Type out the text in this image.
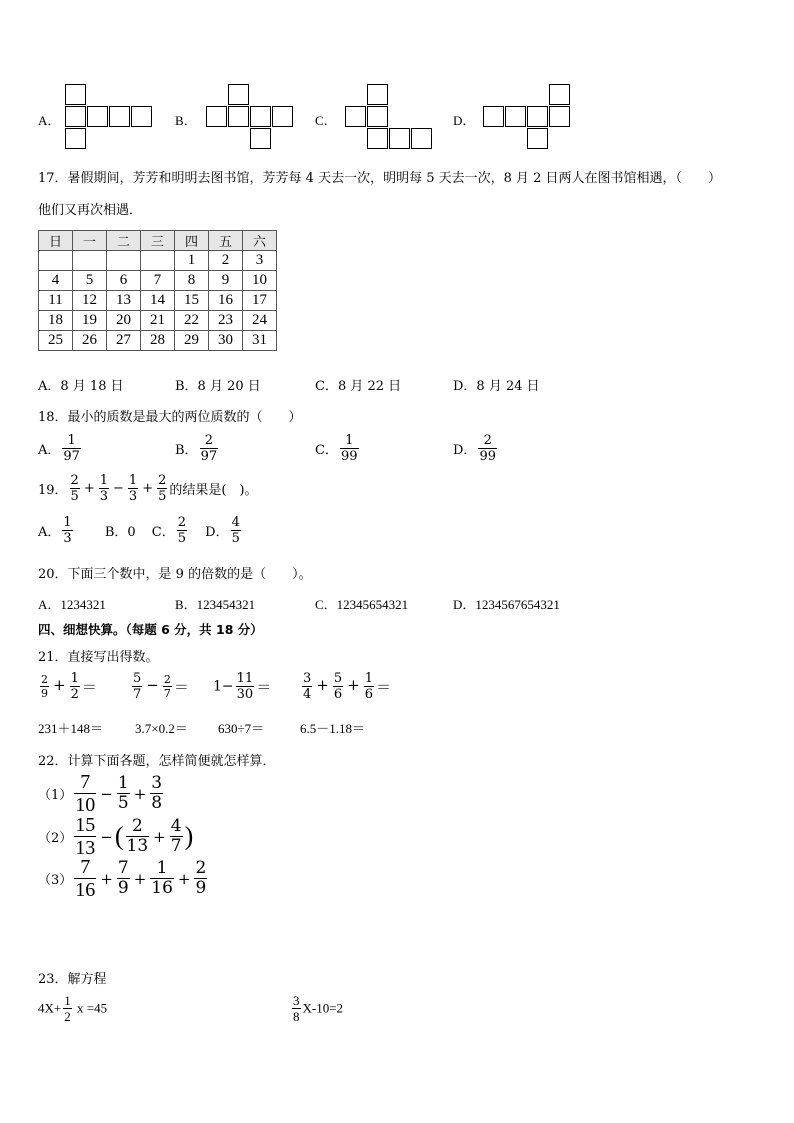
A．	B．	C．	D．
17．暑假期间，芳芳和明明去图书馆，芳芳每 4 天去一次，明明每 5 天去一次，8 月 2 日两人在图书馆相遇，（　　）
他们又再次相遇．
日	一	二	三	四	五	六
				1	2	3
4	5	6	7	8	9	10
11	12	13	14	15	16	17
18	19	20	21	22	23	24
25	26	27	28	29	30	31
A．8 月 18 日	B．8 月 20 日	C．8 月 22 日	D．8 月 24 日
18．最小的质数是最大的两位质数的（　　）
A． $\frac{1}{97}$	B． $\frac{2}{97}$	C． $\frac{1}{99}$	D． $\frac{2}{99}$
19． $\frac{2}{5} + \frac{1}{3} - \frac{1}{3} + \frac{2}{5}$ 的结果是(　)。
A． $\frac{1}{3}$ B．0 C． $\frac{2}{5}$ D． $\frac{4}{5}$
20．下面三个数中，是 9 的倍数的是（　　）。
A．1234321	B．123454321	C．12345654321	D．1234567654321
四、细想快算。（每题 6 分，共 18 分）
21．直接写出得数。
$\frac{2}{9} + \frac{1}{2}$ ＝	$\frac{5}{7} - \frac{2}{7} = 1- \frac{11}{30} = \frac{3}{4} + \frac{5}{6} + \frac{1}{6}$ ＝
231＋148＝ 3.7×0.2＝ 630÷7＝	6.5－1.18＝
22．计算下面各题，怎样简便就怎样算．
$(1) \frac{7}{10} - \frac{1}{5} + \frac{3}{8}$
$(2) \frac{15}{13}$ −( $\frac{2}{13} + \frac{4}{7}$ )
$(3) \frac{7}{16} + \frac{7}{9} + \frac{1}{16} + \frac{2}{9}$
23．解方程
$4X+ \frac{1}{2}$ x =45	$\frac{3}{8} X-10=2$
